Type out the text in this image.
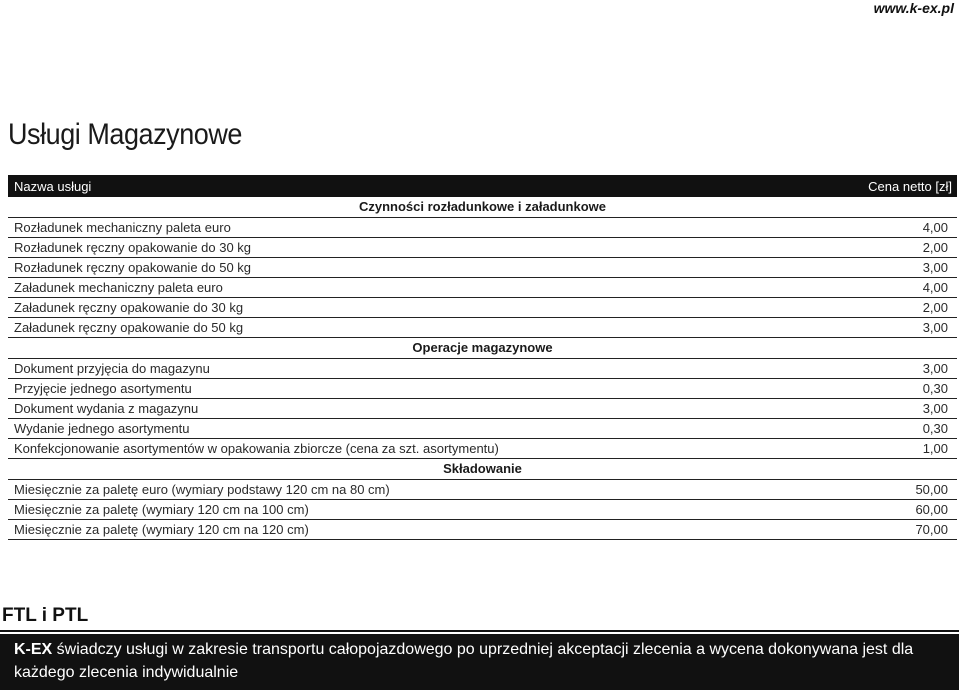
www.k-ex.pl
Usługi Magazynowe
Nazwa usługi	Cena netto [zł]
Czynności rozładunkowe i załadunkowe
Rozładunek mechaniczny paleta euro	4,00
Rozładunek ręczny opakowanie do 30 kg	2,00
Rozładunek ręczny opakowanie do 50 kg	3,00
Załadunek mechaniczny paleta euro	4,00
Załadunek ręczny opakowanie do 30 kg	2,00
Załadunek ręczny opakowanie do 50 kg	3,00
Operacje magazynowe
Dokument przyjęcia do magazynu	3,00
Przyjęcie jednego asortymentu	0,30
Dokument wydania z magazynu	3,00
Wydanie jednego asortymentu	0,30
Konfekcjonowanie asortymentów w opakowania zbiorcze (cena za szt. asortymentu)	1,00
Składowanie
Miesięcznie za paletę euro (wymiary podstawy 120 cm na 80 cm)	50,00
Miesięcznie za paletę (wymiary 120 cm na 100 cm)	60,00
Miesięcznie za paletę (wymiary 120 cm na 120 cm)	70,00
FTL i PTL
K-EX świadczy usługi w zakresie transportu całopojazdowego po uprzedniej akceptacji zlecenia a wycena dokonywana jest dla każdego zlecenia indywidualnie
